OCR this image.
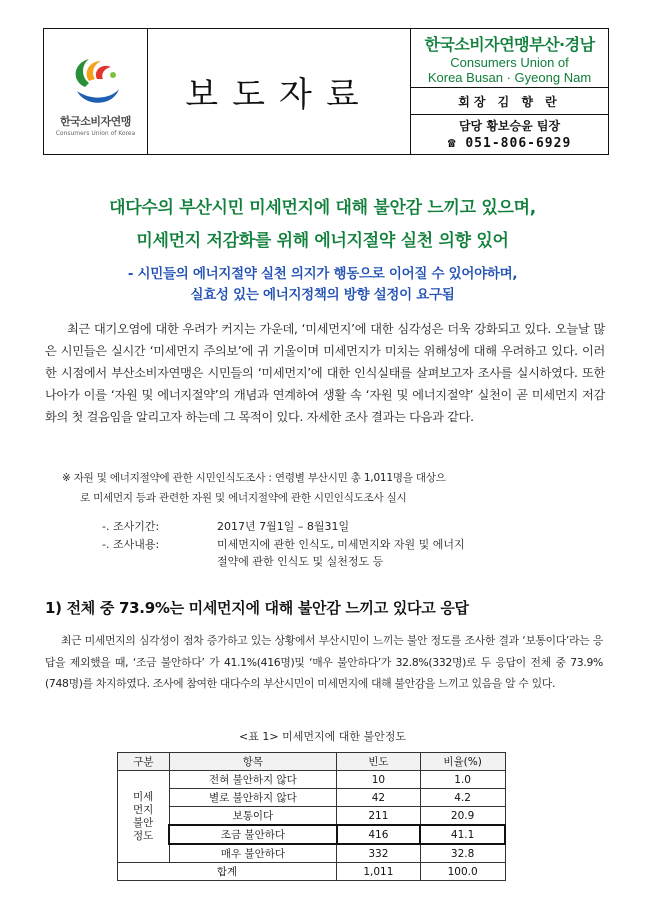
한국소비자연맹
Consumers Union of Korea
보도자료
한국소비자연맹부산·경남
Consumers Union of
Korea Busan · Gyeong Nam
회장 김 향 란
담당 황보승윤 팀장
☎ 051-806-6929
대다수의 부산시민 미세먼지에 대해 불안감 느끼고 있으며,
미세먼지 저감화를 위해 에너지절약 실천 의향 있어
- 시민들의 에너지절약 실천 의지가 행동으로 이어질 수 있어야하며,
실효성 있는 에너지정책의 방향 설정이 요구됨
최근 대기오염에 대한 우려가 커지는 가운데, ‘미세먼지’에 대한 심각성은 더욱 강화되고 있다. 오늘날 많은 시민들은 실시간 ‘미세먼지 주의보’에 귀 기울이며 미세먼지가 미치는 위해성에 대해 우려하고 있다. 이러한 시점에서 부산소비자연맹은 시민들의 ‘미세먼지’에 대한 인식실태를 살펴보고자 조사를 실시하였다. 또한 나아가 이를 ‘자원 및 에너지절약’의 개념과 연계하여 생활 속 ‘자원 및 에너지절약’ 실천이 곧 미세먼지 저감화의 첫 걸음임을 알리고자 하는데 그 목적이 있다. 자세한 조사 결과는 다음과 같다.
※ 자원 및 에너지절약에 관한 시민인식도조사 : 연령별 부산시민 총 1,011명을 대상으
로 미세먼지 등과 관련한 자원 및 에너지절약에 관한 시민인식도조사 실시
-. 조사기간:	2017년 7월1일 – 8월31일
-. 조사내용:	미세먼지에 관한 인식도, 미세먼지와 자원 및 에너지
절약에 관한 인식도 및 실천정도 등
1) 전체 중 73.9%는 미세먼지에 대해 불안감 느끼고 있다고 응답
최근 미세먼지의 심각성이 점차 증가하고 있는 상황에서 부산시민이 느끼는 불안 정도를 조사한 결과 ‘보통이다’라는 응답을 제외했을 때, ‘조금 불안하다’ 가 41.1%(416명)및 ‘매우 불안하다’가 32.8%(332명)로 두 응답이 전체 중 73.9%(748명)를 차지하였다. 조사에 참여한 대다수의 부산시민이 미세먼지에 대해 불안감을 느끼고 있음을 알 수 있다.
<표 1> 미세먼지에 대한 불안정도
구분	항목	빈도	비율(%)

미세
먼지
불안
정도	전혀 불안하지 않다	10	1.0
	별로 불안하지 않다	42	4.2
	보통이다	211	20.9
	조금 불안하다	416	41.1
	매우 불안하다	332	32.8
합계		1,011	100.0
